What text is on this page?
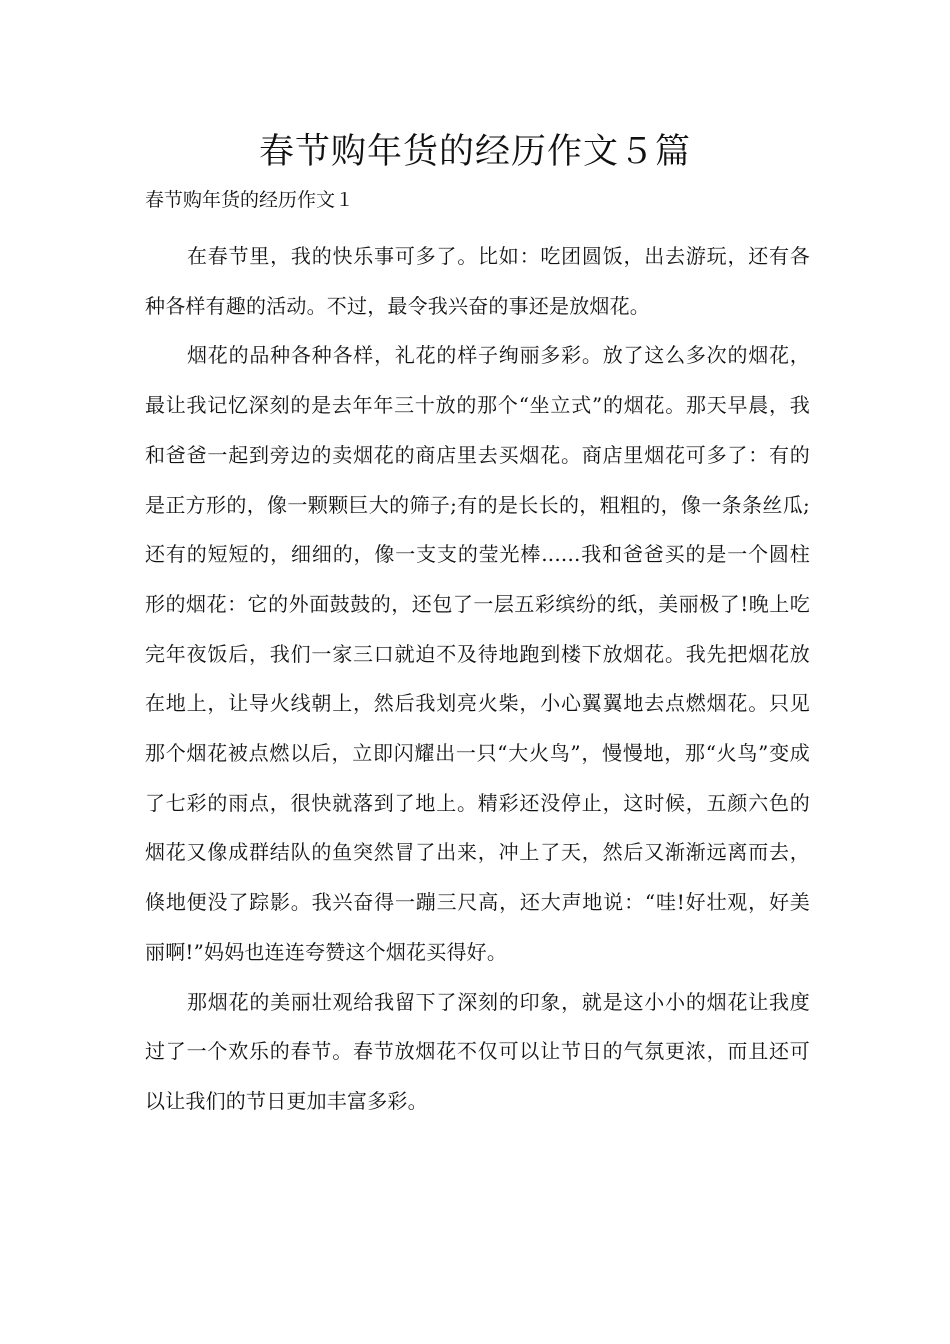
春节购年货的经历作文５篇

春节购年货的经历作文１

在春节里，我的快乐事可多了。比如：吃团圆饭，出去游玩，还有各种各样有趣的活动。不过，最令我兴奋的事还是放烟花。

烟花的品种各种各样，礼花的样子绚丽多彩。放了这么多次的烟花，最让我记忆深刻的是去年年三十放的那个“坐立式”的烟花。那天早晨，我和爸爸一起到旁边的卖烟花的商店里去买烟花。商店里烟花可多了：有的是正方形的，像一颗颗巨大的筛子;有的是长长的，粗粗的，像一条条丝瓜;还有的短短的，细细的，像一支支的莹光棒......我和爸爸买的是一个圆柱形的烟花：它的外面鼓鼓的，还包了一层五彩缤纷的纸，美丽极了!晚上吃完年夜饭后，我们一家三口就迫不及待地跑到楼下放烟花。我先把烟花放在地上，让导火线朝上，然后我划亮火柴，小心翼翼地去点燃烟花。只见那个烟花被点燃以后，立即闪耀出一只“大火鸟”，慢慢地，那“火鸟”变成了七彩的雨点，很快就落到了地上。精彩还没停止，这时候，五颜六色的烟花又像成群结队的鱼突然冒了出来，冲上了天，然后又渐渐远离而去，倏地便没了踪影。我兴奋得一蹦三尺高，还大声地说：“哇!好壮观，好美丽啊!”妈妈也连连夸赞这个烟花买得好。

那烟花的美丽壮观给我留下了深刻的印象，就是这小小的烟花让我度过了一个欢乐的春节。春节放烟花不仅可以让节日的气氛更浓，而且还可以让我们的节日更加丰富多彩。
